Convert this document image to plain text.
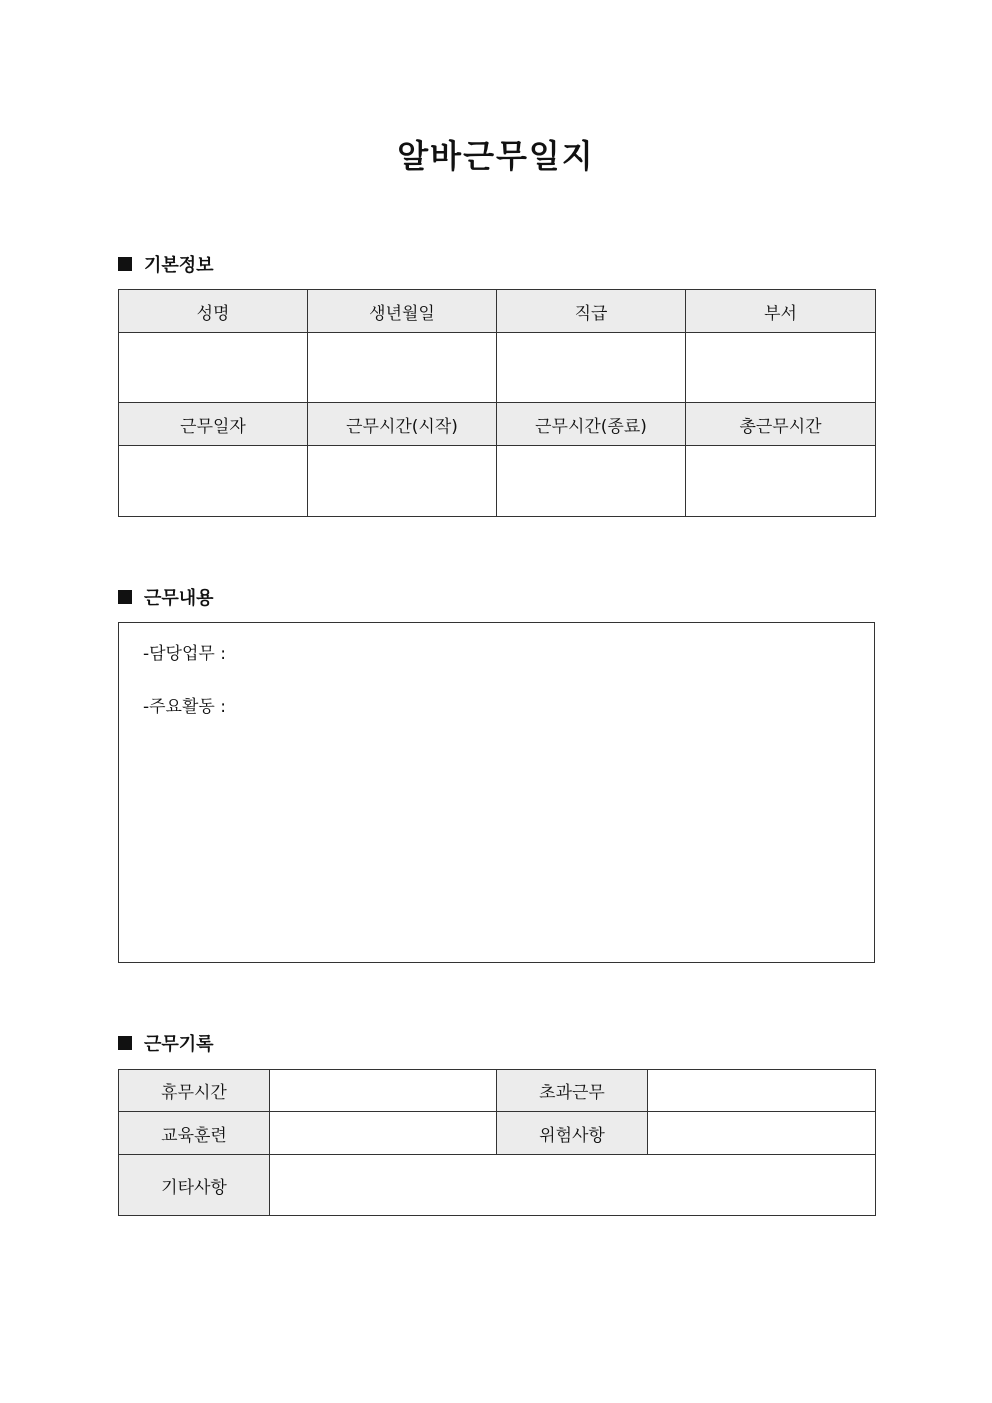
알바근무일지
기본정보
성명	생년월일	직급	부서

근무일자	근무시간(시작)	근무시간(종료)	총근무시간

근무내용
-담당업무 :
-주요활동 :
근무기록
휴무시간		초과근무	
교육훈련		위험사항	
기타사항			
